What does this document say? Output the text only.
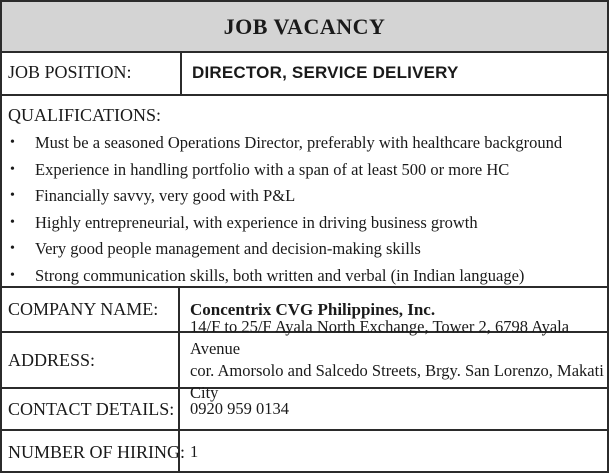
JOB VACANCY
JOB POSITION:	DIRECTOR, SERVICE DELIVERY
QUALIFICATIONS:
• Must be a seasoned Operations Director, preferably with healthcare background
• Experience in handling portfolio with a span of at least 500 or more HC
• Financially savvy, very good with P&L
• Highly entrepreneurial, with experience in driving business growth
• Very good people management and decision-making skills
• Strong communication skills, both written and verbal (in Indian language)
COMPANY NAME:	Concentrix CVG Philippines, Inc.
ADDRESS:
14/F to 25/F Ayala North Exchange, Tower 2, 6798 Ayala Avenue
cor. Amorsolo and Salcedo Streets, Brgy. San Lorenzo, Makati City
CONTACT DETAILS: 0920 959 0134
NUMBER OF HIRING: 1
